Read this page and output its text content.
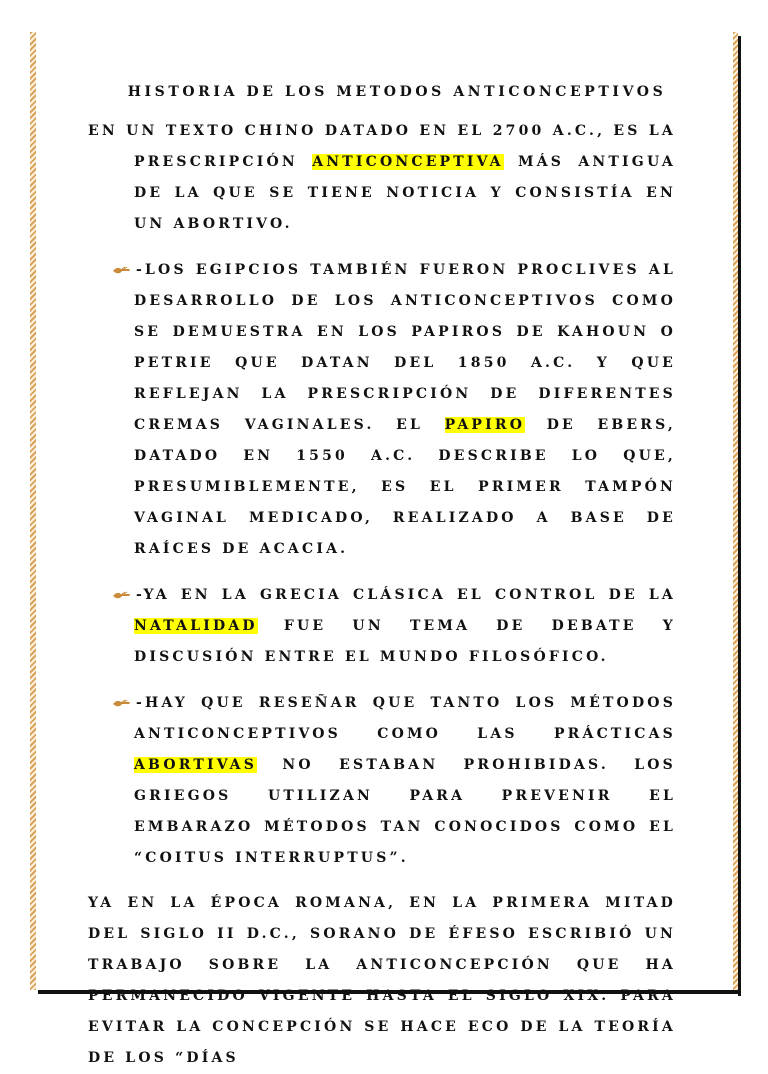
HISTORIA DE LOS METODOS ANTICONCEPTIVOS

EN UN TEXTO CHINO DATADO EN EL 2700 A.C., ES LA PRESCRIPCIÓN ANTICONCEPTIVA MÁS ANTIGUA DE LA QUE SE TIENE NOTICIA Y CONSISTÍA EN UN ABORTIVO.

-LOS EGIPCIOS TAMBIÉN FUERON PROCLIVES AL DESARROLLO DE LOS ANTICONCEPTIVOS COMO SE DEMUESTRA EN LOS PAPIROS DE KAHOUN O PETRIE QUE DATAN DEL 1850 A.C. Y QUE REFLEJAN LA PRESCRIPCIÓN DE DIFERENTES CREMAS VAGINALES. EL PAPIRO DE EBERS, DATADO EN 1550 A.C. DESCRIBE LO QUE, PRESUMIBLEMENTE, ES EL PRIMER TAMPÓN VAGINAL MEDICADO, REALIZADO A BASE DE RAÍCES DE ACACIA.

-YA EN LA GRECIA CLÁSICA EL CONTROL DE LA NATALIDAD FUE UN TEMA DE DEBATE Y DISCUSIÓN ENTRE EL MUNDO FILOSÓFICO.

-HAY QUE RESEÑAR QUE TANTO LOS MÉTODOS ANTICONCEPTIVOS COMO LAS PRÁCTICAS ABORTIVAS NO ESTABAN PROHIBIDAS. LOS GRIEGOS UTILIZAN PARA PREVENIR EL EMBARAZO MÉTODOS TAN CONOCIDOS COMO EL “COITUS INTERRUPTUS”.

YA EN LA ÉPOCA ROMANA, EN LA PRIMERA MITAD DEL SIGLO II D.C., SORANO DE ÉFESO ESCRIBIÓ UN TRABAJO SOBRE LA ANTICONCEPCIÓN QUE HA PERMANECIDO VIGENTE HASTA EL SIGLO XIX. PARA EVITAR LA CONCEPCIÓN SE HACE ECO DE LA TEORÍA DE LOS “DÍAS
